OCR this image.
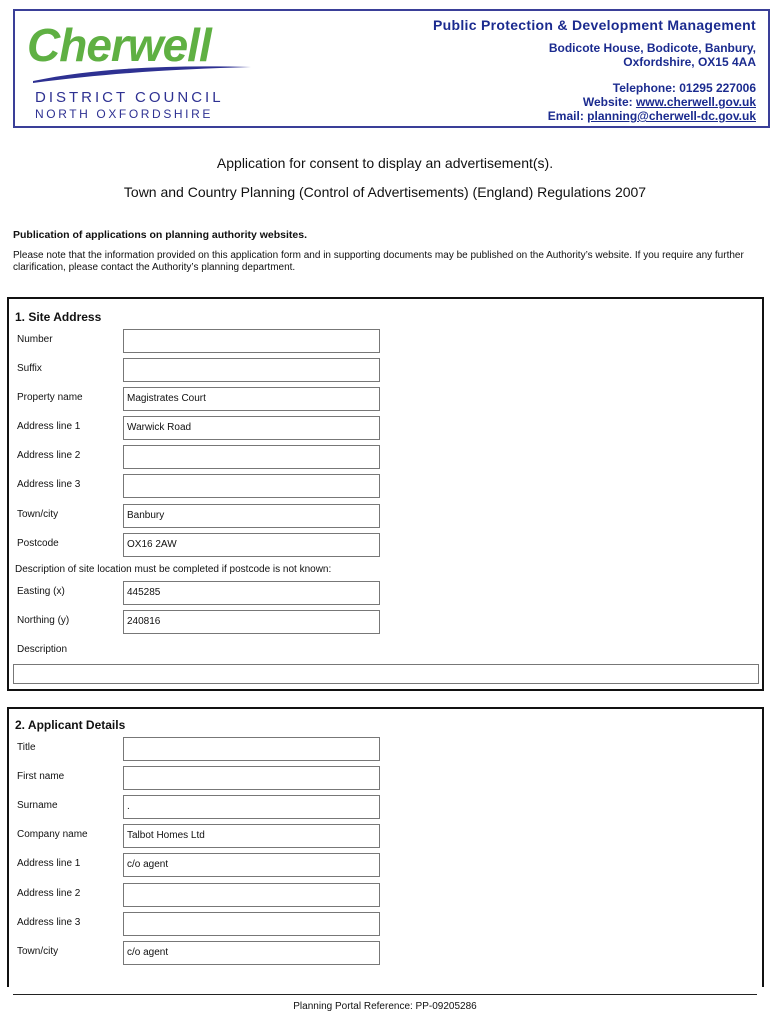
Cherwell
DISTRICT COUNCIL
NORTH OXFORDSHIRE
Public Protection & Development Management
Bodicote House, Bodicote, Banbury,
Oxfordshire, OX15 4AA
Telephone: 01295 227006
Website: www.cherwell.gov.uk
Email: planning@cherwell-dc.gov.uk
Application for consent to display an advertisement(s).
Town and Country Planning (Control of Advertisements) (England) Regulations 2007
Publication of applications on planning authority websites.
Please note that the information provided on this application form and in supporting documents may be published on the Authority’s website. If you require any further clarification, please contact the Authority’s planning department.
1. Site Address
Number
Suffix
Property name	Magistrates Court
Address line 1	Warwick Road
Address line 2
Address line 3
Town/city	Banbury
Postcode	OX16 2AW
Description of site location must be completed if postcode is not known:
Easting (x)	445285
Northing (y)	240816
Description
2. Applicant Details
Title
First name
Surname	.
Company name	Talbot Homes Ltd
Address line 1	c/o agent
Address line 2
Address line 3
Town/city	c/o agent
Planning Portal Reference: PP-09205286
